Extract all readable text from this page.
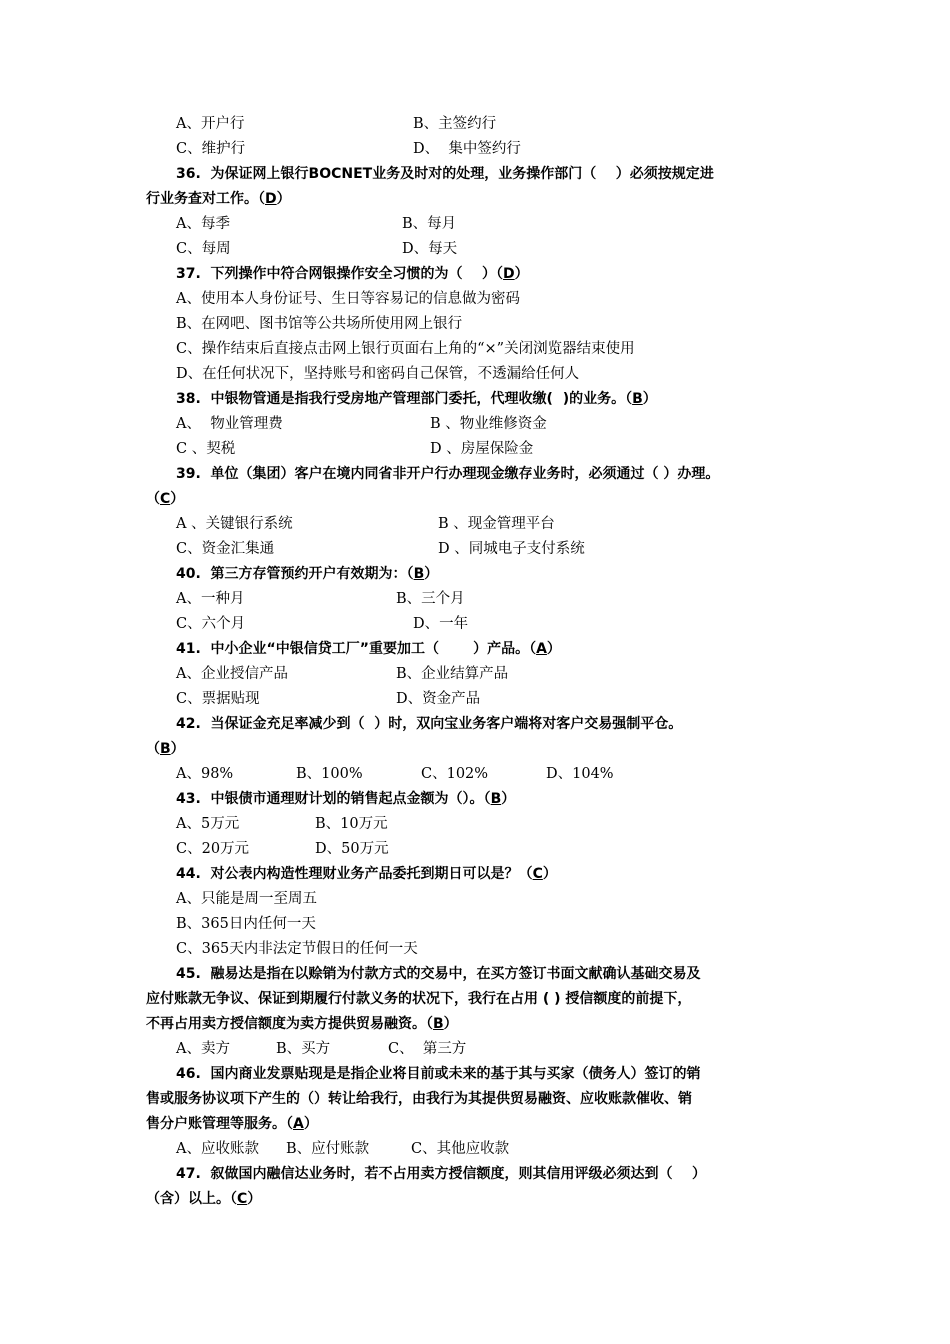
A、开户行	B、主签约行
C、维护行	D、  集中签约行
36.  为保证网上银行BOCNET业务及时对的处理，业务操作部门（    ）必须按规定进
行业务查对工作。（D）
A、每季	B、每月
C、每周	D、每天
37.  下列操作中符合网银操作安全习惯的为（    ）（D）
A、使用本人身份证号、生日等容易记的信息做为密码
B、在网吧、图书馆等公共场所使用网上银行
C、操作结束后直接点击网上银行页面右上角的“×”关闭浏览器结束使用
D、在任何状况下，坚持账号和密码自己保管，不透漏给任何人
38.  中银物管通是指我行受房地产管理部门委托，代理收缴(  )的业务。（B）
A、  物业管理费	B 、物业维修资金
C 、契税	D 、房屋保险金
39.  单位（集团）客户在境内同省非开户行办理现金缴存业务时，必须通过（ ）办理。
（C）
A 、关键银行系统	B 、现金管理平台
C、资金汇集通	D 、同城电子支付系统
40.  第三方存管预约开户有效期为：（B）
A、一种月	B、三个月
C、六个月	D、一年
41.  中小企业“中银信贷工厂”重要加工（       ）产品。（A）
A、企业授信产品	B、企业结算产品
C、票据贴现	D、资金产品
42.  当保证金充足率减少到（  ）时，双向宝业务客户端将对客户交易强制平仓。
（B）
A、98%	B、100%	C、102%	D、104%
43.  中银债市通理财计划的销售起点金额为（）。（B）
A、5万元	B、10万元
C、20万元	D、50万元
44.  对公表内构造性理财业务产品委托到期日可以是？（C）
A、只能是周一至周五
B、365日内任何一天
C、365天内非法定节假日的任何一天
45.  融易达是指在以赊销为付款方式的交易中，在买方签订书面文献确认基础交易及
应付账款无争议、保证到期履行付款义务的状况下，我行在占用 ( ) 授信额度的前提下，
不再占用卖方授信额度为卖方提供贸易融资。（B）
A、卖方	B、买方	C、  第三方
46.  国内商业发票贴现是是指企业将目前或未来的基于其与买家（债务人）签订的销
售或服务协议项下产生的（）转让给我行，由我行为其提供贸易融资、应收账款催收、销
售分户账管理等服务。（A）
A、应收账款 B、应付账款	C、其他应收款
47.  叙做国内融信达业务时，若不占用卖方授信额度，则其信用评级必须达到（    ）
（含）以上。（C）
